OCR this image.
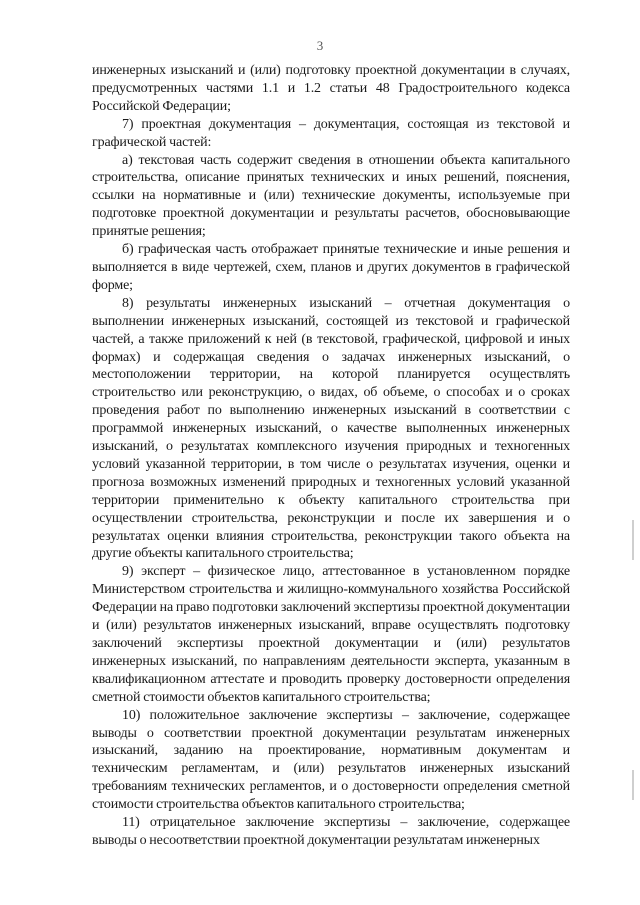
3

инженерных изысканий и (или) подготовку проектной документации в случаях, предусмотренных частями 1.1 и 1.2 статьи 48 Градостроительного кодекса Российской Федерации;

7) проектная документация – документация, состоящая из текстовой и графической частей:

а) текстовая часть содержит сведения в отношении объекта капитального строительства, описание принятых технических и иных решений, пояснения, ссылки на нормативные и (или) технические документы, используемые при подготовке проектной документации и результаты расчетов, обосновывающие принятые решения;

б) графическая часть отображает принятые технические и иные решения и выполняется в виде чертежей, схем, планов и других документов в графической форме;

8) результаты инженерных изысканий – отчетная документация о выполнении инженерных изысканий, состоящей из текстовой и графической частей, а также приложений к ней (в текстовой, графической, цифровой и иных формах) и содержащая сведения о задачах инженерных изысканий, о местоположении территории, на которой планируется осуществлять строительство или реконструкцию, о видах, об объеме, о способах и о сроках проведения работ по выполнению инженерных изысканий в соответствии с программой инженерных изысканий, о качестве выполненных инженерных изысканий, о результатах комплексного изучения природных и техногенных условий указанной территории, в том числе о результатах изучения, оценки и прогноза возможных изменений природных и техногенных условий указанной территории применительно к объекту капитального строительства при осуществлении строительства, реконструкции и после их завершения и о результатах оценки влияния строительства, реконструкции такого объекта на другие объекты капитального строительства;

9) эксперт – физическое лицо, аттестованное в установленном порядке Министерством строительства и жилищно-коммунального хозяйства Российской Федерации на право подготовки заключений экспертизы проектной документации и (или) результатов инженерных изысканий, вправе осуществлять подготовку заключений экспертизы проектной документации и (или) результатов инженерных изысканий, по направлениям деятельности эксперта, указанным в квалификационном аттестате и проводить проверку достоверности определения сметной стоимости объектов капитального строительства;

10) положительное заключение экспертизы – заключение, содержащее выводы о соответствии проектной документации результатам инженерных изысканий, заданию на проектирование, нормативным документам и техническим регламентам, и (или) результатов инженерных изысканий требованиям технических регламентов, и о достоверности определения сметной стоимости строительства объектов капитального строительства;

11) отрицательное заключение экспертизы – заключение, содержащее выводы о несоответствии проектной документации результатам инженерных
